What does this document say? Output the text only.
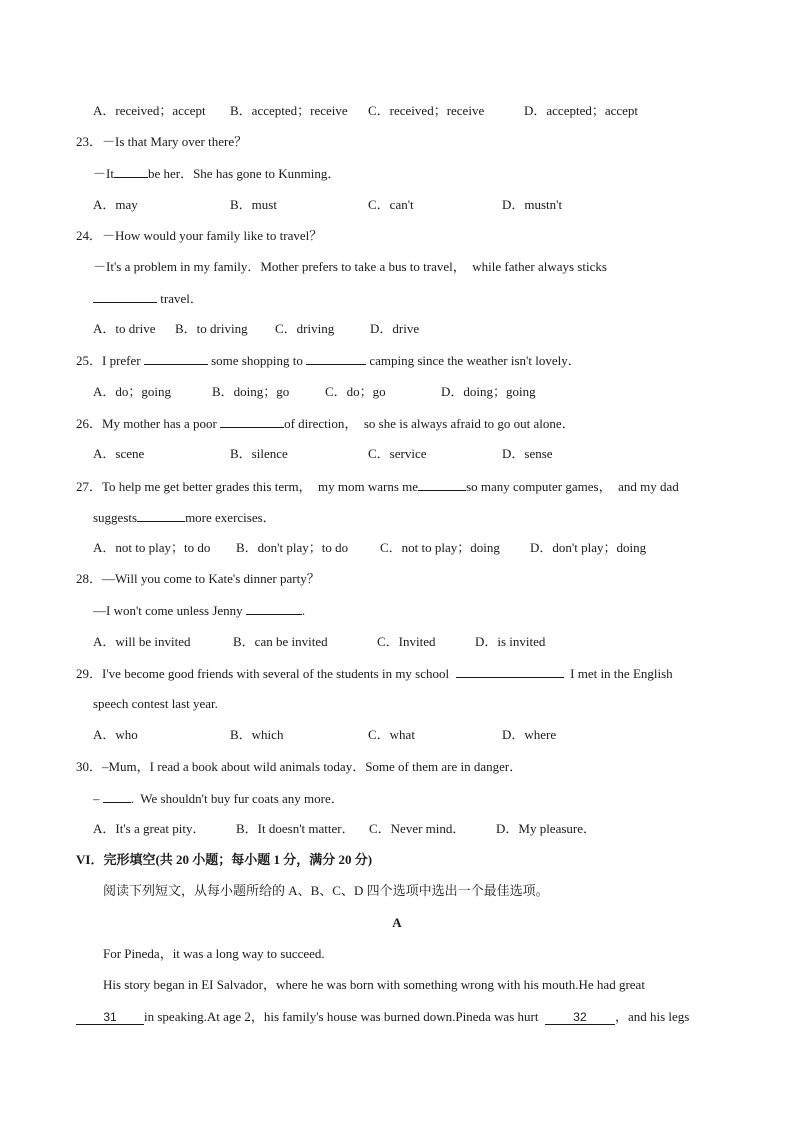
A．received；accept

B．accepted；receive

C．received；receive

	D．accepted；accept

23．－Is that Mary over there？
－It	be her．She has gone to Kunming．

A．may

	B．must

	C．can't

	D．mustn't

24．－How would your family like to travel？
－It's a problem in my family．Mother prefers to take a bus to travel，  while father always sticks
travel．

A．to drive

B．to driving

C．driving

	D．drive

25．I prefer	some shopping to	camping since the weather isn't lovely．

A．do；going

	B．doing；go

	C．do；go

	D．doing；going

26．My mother has a poor	of direction，  so she is always afraid to go out alone．

A．scene

	B．silence

	C．service

	D．sense

27．To help me get better grades this term，  my mom warns me	so many computer games，  and my dad
suggests	more exercises．

A．not to play；to do

B．don't play；to do

C．not to play；doing

D．don't play；doing

28．—Will you come to Kate's dinner party？
—I won't come unless Jenny	.

A．will be invited

	B．can be invited

	C．Invited

	D．is invited

29．I've become good friends with several of the students in my school	I met in the English
speech contest last year.

A．who

	B．which

	C．what

	D．where

30．–Mum，I read a book about wild animals today．Some of them are in danger．
– .  We shouldn't buy fur coats any more．

A．It's a great pity．

B．It doesn't matter．

C．Never mind．

D．My pleasure．

VI．完形填空(共 20 小题；每小题 1 分，满分 20 分)
阅读下列短文，从每小题所给的 A、B、C、D 四个选项中选出一个最佳选项。
A
For Pineda，it was a long way to succeed.
His story began in EI Salvador，where he was born with something wrong with his mouth.He had great
31 in speaking.At age 2，his family's house was burned down.Pineda was hurt	32 ，and his legs
